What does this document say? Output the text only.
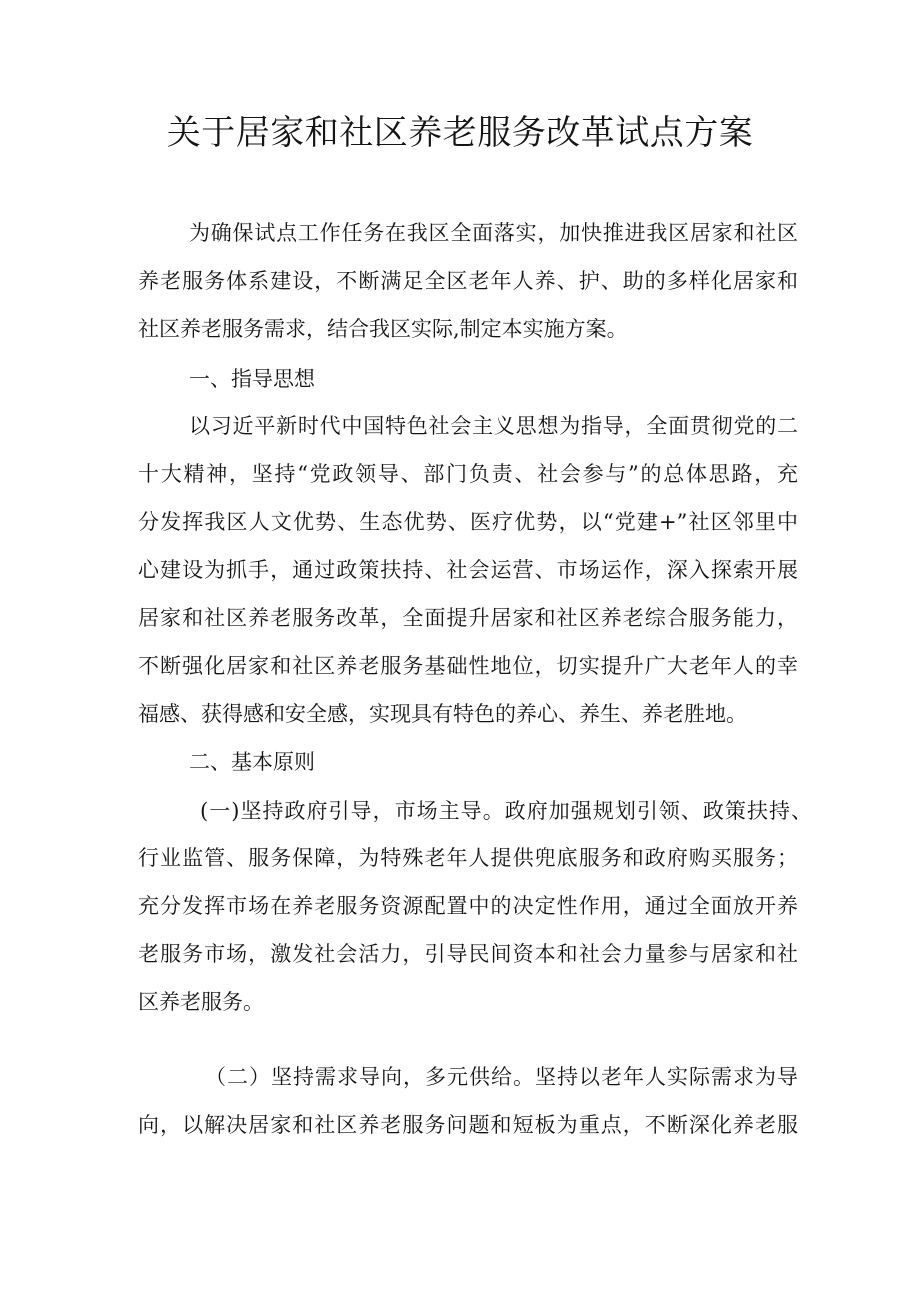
关于居家和社区养老服务改革试点方案

为确保试点工作任务在我区全面落实，加快推进我区居家和社区

养老服务体系建设，不断满足全区老年人养、护、助的多样化居家和

社区养老服务需求，结合我区实际,制定本实施方案。

一、指导思想

以习近平新时代中国特色社会主义思想为指导，全面贯彻党的二

十大精神，坚持“党政领导、部门负责、社会参与”的总体思路，充

分发挥我区人文优势、生态优势、医疗优势，以“党建+”社区邻里中

心建设为抓手，通过政策扶持、社会运营、市场运作，深入探索开展

居家和社区养老服务改革，全面提升居家和社区养老综合服务能力，

不断强化居家和社区养老服务基础性地位，切实提升广大老年人的幸

福感、获得感和安全感，实现具有特色的养心、养生、养老胜地。

二、基本原则

(一)坚持政府引导，市场主导。政府加强规划引领、政策扶持、

行业监管、服务保障，为特殊老年人提供兜底服务和政府购买服务；

充分发挥市场在养老服务资源配置中的决定性作用，通过全面放开养

老服务市场，激发社会活力，引导民间资本和社会力量参与居家和社

区养老服务。

（二）坚持需求导向，多元供给。坚持以老年人实际需求为导

向，以解决居家和社区养老服务问题和短板为重点，不断深化养老服
